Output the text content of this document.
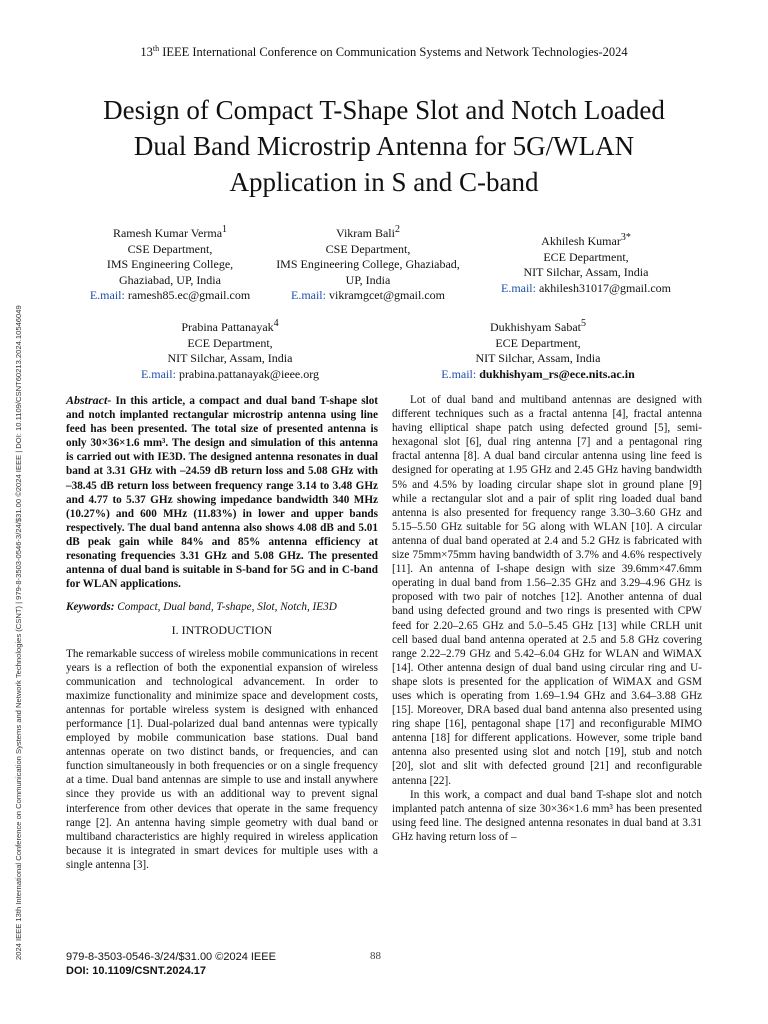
2024 IEEE 13th International Conference on Communication Systems and Network Technologies (CSNT) | 979-8-3503-0546-3/24/$31.00 ©2024 IEEE | DOI: 10.1109/CSNT60213.2024.10546049
13th IEEE International Conference on Communication Systems and Network Technologies-2024
Design of Compact T-Shape Slot and Notch Loaded Dual Band Microstrip Antenna for 5G/WLAN Application in S and C-band
Ramesh Kumar Verma$^1$
CSE Department,
IMS Engineering College,
Ghaziabad, UP, India
E.mail: ramesh85.ec@gmail.com
Vikram Bali$^2$
CSE Department,
IMS Engineering College, Ghaziabad,
UP, India
E.mail: vikramgcet@gmail.com
Akhilesh Kumar$^{3*}$
ECE Department,
NIT Silchar, Assam, India
E.mail: akhilesh31017@gmail.com
Prabina Pattanayak$^4$
ECE Department,
NIT Silchar, Assam, India
E.mail: prabina.pattanayak@ieee.org
Dukhishyam Sabat$^5$
ECE Department,
NIT Silchar, Assam, India
E.mail: dukhishyam_rs@ece.nits.ac.in

Abstract- In this article, a compact and dual band T-shape slot and notch implanted rectangular microstrip antenna using line feed has been presented. The total size of presented antenna is only 30×36×1.6 mm³. The design and simulation of this antenna is carried out with IE3D. The designed antenna resonates in dual band at 3.31 GHz with –24.59 dB return loss and 5.08 GHz with –38.45 dB return loss between frequency range 3.14 to 3.48 GHz and 4.77 to 5.37 GHz showing impedance bandwidth 340 MHz (10.27%) and 600 MHz (11.83%) in lower and upper bands respectively. The dual band antenna also shows 4.08 dB and 5.01 dB peak gain while 84% and 85% antenna efficiency at resonating frequencies 3.31 GHz and 5.08 GHz. The presented antenna of dual band is suitable in S-band for 5G and in C-band for WLAN applications.

Keywords: Compact, Dual band, T-shape, Slot, Notch, IE3D

I. INTRODUCTION

The remarkable success of wireless mobile communications in recent years is a reflection of both the exponential expansion of wireless communication and technological advancement. In order to maximize functionality and minimize space and development costs, antennas for portable wireless system is designed with enhanced performance [1]. Dual-polarized dual band antennas were typically employed by mobile communication base stations. Dual band antennas operate on two distinct bands, or frequencies, and can function simultaneously in both frequencies or on a single frequency at a time. Dual band antennas are simple to use and install anywhere since they provide us with an additional way to prevent signal interference from other devices that operate in the same frequency range [2]. An antenna having simple geometry with dual band or multiband characteristics are highly required in wireless application because it is integrated in smart devices for multiple uses with a single antenna [3].

Lot of dual band and multiband antennas are designed with different techniques such as a fractal antenna [4], fractal antenna having elliptical shape patch using defected ground [5], semi-hexagonal slot [6], dual ring antenna [7] and a pentagonal ring fractal antenna [8]. A dual band circular antenna using line feed is designed for operating at 1.95 GHz and 2.45 GHz having bandwidth 5% and 4.5% by loading circular shape slot in ground plane [9] while a rectangular slot and a pair of split ring loaded dual band antenna is also presented for frequency range 3.30–3.60 GHz and 5.15–5.50 GHz suitable for 5G along with WLAN [10]. A circular antenna of dual band operated at 2.4 and 5.2 GHz is fabricated with size 75mm×75mm having bandwidth of 3.7% and 4.6% respectively [11]. An antenna of I-shape design with size 39.6mm×47.6mm operating in dual band from 1.56–2.35 GHz and 3.29–4.96 GHz is proposed with two pair of notches [12]. Another antenna of dual band using defected ground and two rings is presented with CPW feed for 2.20–2.65 GHz and 5.0–5.45 GHz [13] while CRLH unit cell based dual band antenna operated at 2.5 and 5.8 GHz covering range 2.22–2.79 GHz and 5.42–6.04 GHz for WLAN and WiMAX [14]. Other antenna design of dual band using circular ring and U-shape slots is presented for the application of WiMAX and GSM uses which is operating from 1.69–1.94 GHz and 3.64–3.88 GHz [15]. Moreover, DRA based dual band antenna also presented using ring shape [16], pentagonal shape [17] and reconfigurable MIMO antenna [18] for different applications. However, some triple band antenna also presented using slot and notch [19], stub and notch [20], slot and slit with defected ground [21] and reconfigurable antenna [22].

In this work, a compact and dual band T-shape slot and notch implanted patch antenna of size 30×36×1.6 mm³ has been presented using feed line. The designed antenna resonates in dual band at 3.31 GHz having return loss of –

979-8-3503-0546-3/24/$31.00 ©2024 IEEE
DOI: 10.1109/CSNT.2024.17
88
